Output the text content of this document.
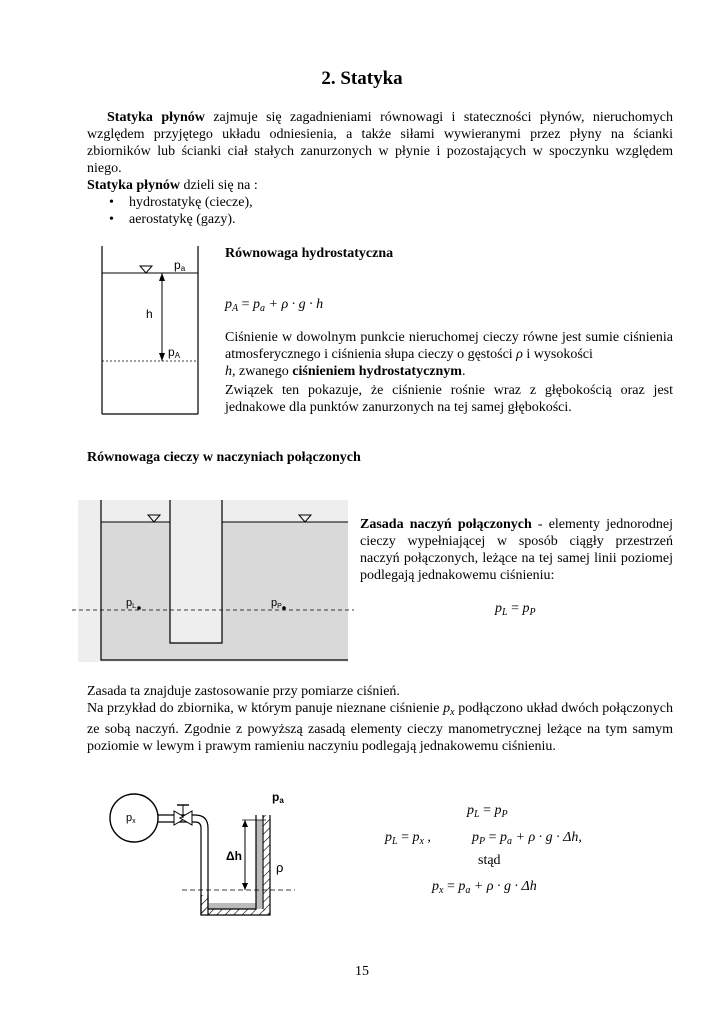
2. Statyka
Statyka płynów zajmuje się zagadnieniami równowagi i stateczności płynów, nieruchomych względem przyjętego układu odniesienia, a także siłami wywieranymi przez płyny na ścianki zbiorników lub ścianki ciał stałych zanurzonych w płynie i pozostających w spoczynku względem niego.
Statyka płynów dzieli się na :
• hydrostatykę (ciecze),
• aerostatykę (gazy).
pa
h
pA
Równowaga hydrostatyczna
$p_A = p_a + \rho \cdot g \cdot h$
Ciśnienie w dowolnym punkcie nieruchomej cieczy równe jest sumie ciśnienia atmosferycznego i ciśnienia słupa cieczy o gęstości ρ i wysokości
h, zwanego ciśnieniem hydrostatycznym.
Związek ten pokazuje, że ciśnienie rośnie wraz z głębokością oraz jest jednakowe dla punktów zanurzonych na tej samej głębokości.
Równowaga cieczy w naczyniach połączonych
pL	pP
Zasada naczyń połączonych - elementy jednorodnej cieczy wypełniającej w sposób ciągły przestrzeń naczyń połączonych, leżące na tej samej linii poziomej podlegają jednakowemu ciśnieniu:
$p_L = p_P$
Zasada ta znajduje zastosowanie przy pomiarze ciśnień.
Na przykład do zbiornika, w którym panuje nieznane ciśnienie $p_x$ podłączono układ dwóch połączonych ze sobą naczyń. Zgodnie z powyższą zasadą elementy cieczy manometrycznej leżące na tym samym poziomie w lewym i prawym ramieniu naczyniu podlegają jednakowemu ciśnieniu.
px
Δh
ρ
pa
$p_L = p_P$
$p_L = p_x$ ,	$p_P = p_a + \rho \cdot g \cdot \Delta h$,
stąd
$p_x = p_a + \rho \cdot g \cdot \Delta h$
15
